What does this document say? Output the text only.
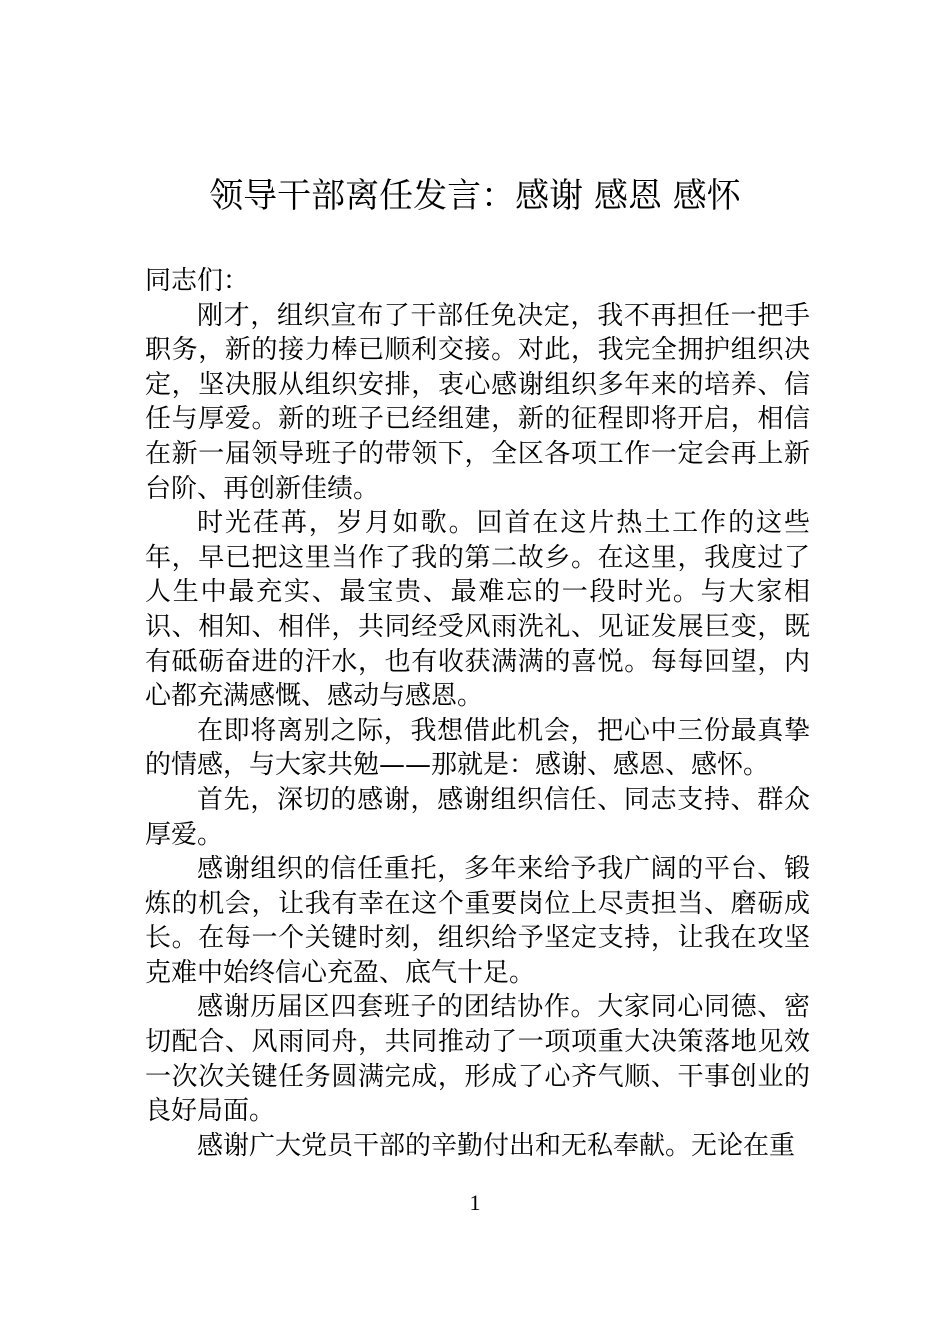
领导干部离任发言：感谢 感恩 感怀

同志们：

刚才，组织宣布了干部任免决定，我不再担任一把手职务，新的接力棒已顺利交接。对此，我完全拥护组织决定，坚决服从组织安排，衷心感谢组织多年来的培养、信任与厚爱。新的班子已经组建，新的征程即将开启，相信在新一届领导班子的带领下，全区各项工作一定会再上新台阶、再创新佳绩。

时光荏苒，岁月如歌。回首在这片热土工作的这些年，早已把这里当作了我的第二故乡。在这里，我度过了人生中最充实、最宝贵、最难忘的一段时光。与大家相识、相知、相伴，共同经受风雨洗礼、见证发展巨变，既有砥砺奋进的汗水，也有收获满满的喜悦。每每回望，内心都充满感慨、感动与感恩。

在即将离别之际，我想借此机会，把心中三份最真挚的情感，与大家共勉——那就是：感谢、感恩、感怀。

首先，深切的感谢，感谢组织信任、同志支持、群众厚爱。

感谢组织的信任重托，多年来给予我广阔的平台、锻炼的机会，让我有幸在这个重要岗位上尽责担当、磨砺成长。在每一个关键时刻，组织给予坚定支持，让我在攻坚克难中始终信心充盈、底气十足。

感谢历届区四套班子的团结协作。大家同心同德、密切配合、风雨同舟，共同推动了一项项重大决策落地见效一次次关键任务圆满完成，形成了心齐气顺、干事创业的良好局面。

感谢广大党员干部的辛勤付出和无私奉献。无论在重

1
